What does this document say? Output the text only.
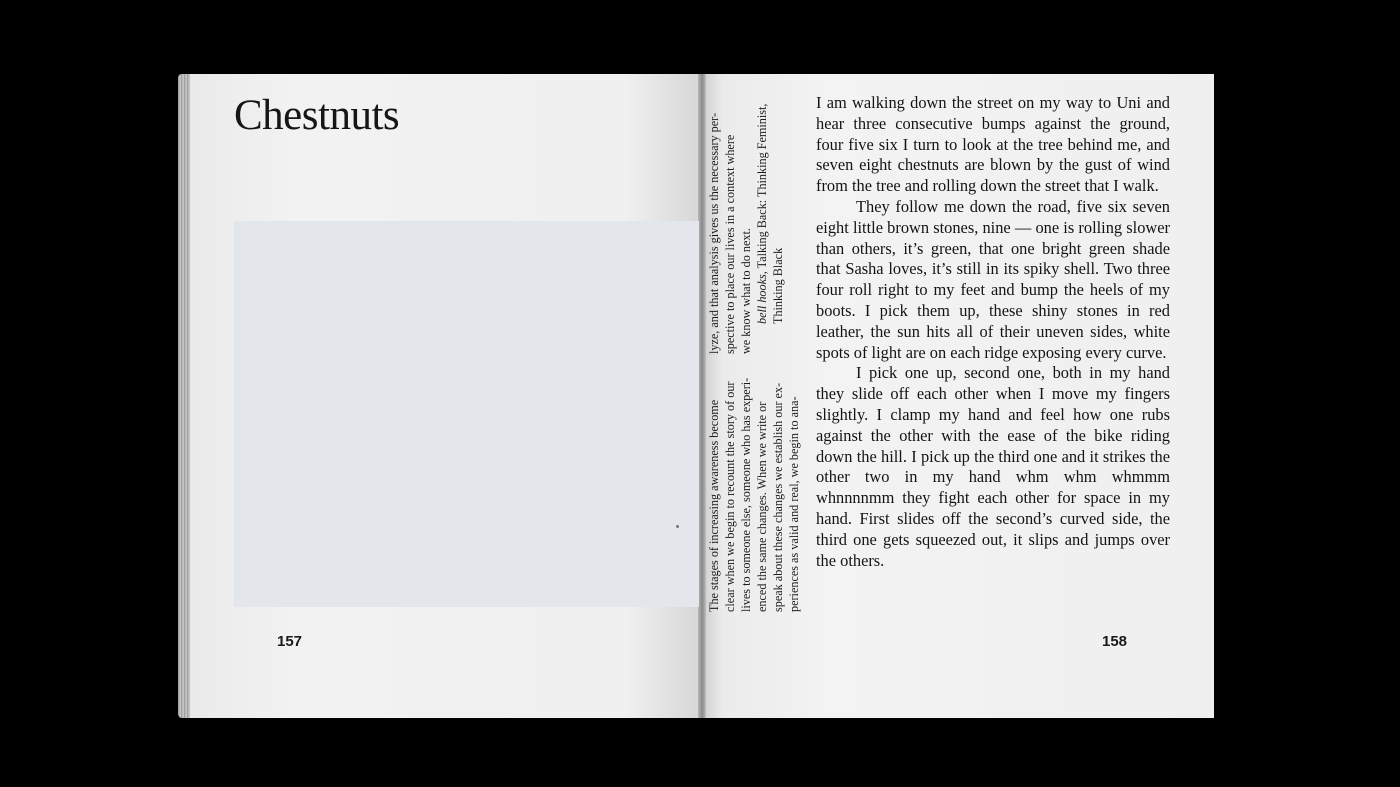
Chestnuts
157
The stages of increasing awareness become clear when we begin to recount the story of our lives to someone else, someone who has experi- enced the same changes. When we write or speak about these changes we establish our ex- periences as valid and real, we begin to ana-
lyze, and that analysis gives us the necessary per- spective to place our lives in a context where we know what to do next. bell hooks, Talking Back: Thinking Feminist,
Thinking Black

I am walking down the street on my way to Uni and hear three consecutive bumps against the ground, four five six I turn to look at the tree behind me, and seven eight chestnuts are blown by the gust of wind from the tree and rolling down the street that I walk.

They follow me down the road, five six seven eight little brown stones, nine — one is rolling slower than others, it’s green, that one bright green shade that Sasha loves, it’s still in its spiky shell. Two three four roll right to my feet and bump the heels of my boots. I pick them up, these shiny stones in red leather, the sun hits all of their uneven sides, white spots of light are on each ridge exposing every curve.

I pick one up, second one, both in my hand they slide off each other when I move my fingers slightly. I clamp my hand and feel how one rubs against the other with the ease of the bike riding down the hill. I pick up the third one and it strikes the other two in my hand whm whm whmmm whnnnnmm they fight each other for space in my hand. First slides off the second’s curved side, the third one gets squeezed out, it slips and jumps over the others.

158
